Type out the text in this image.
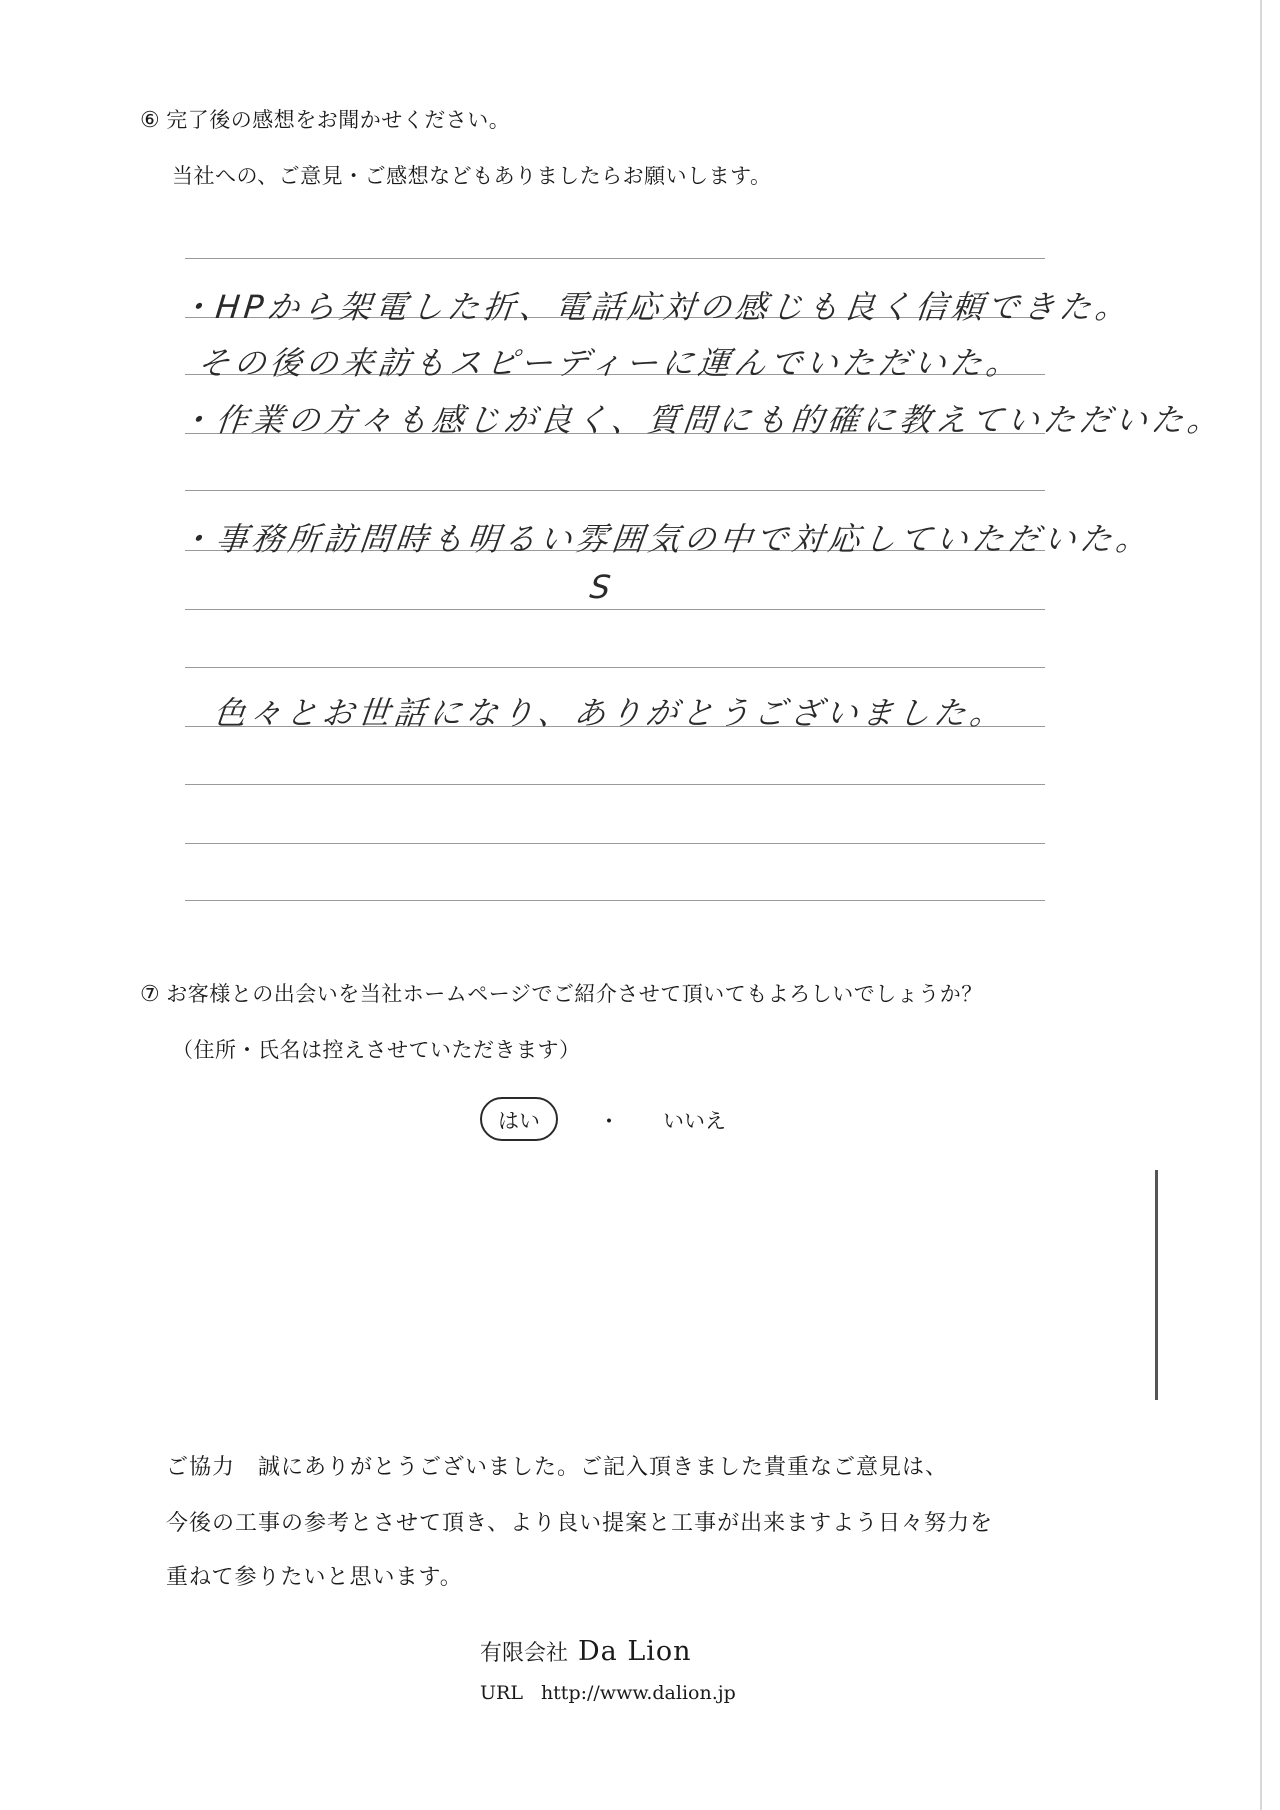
⑥ 完了後の感想をお聞かせください。
当社への、ご意見・ご感想などもありましたらお願いします。
・HPから架電した折、電話応対の感じも良く信頼できた。
その後の来訪もスピーディーに運んでいただいた。
・作業の方々も感じが良く、質問にも的確に教えていただいた。
・事務所訪問時も明るい雰囲気の中で対応していただいた。
S
色々とお世話になり、ありがとうございました。
⑦ お客様との出会いを当社ホームページでご紹介させて頂いてもよろしいでしょうか？
（住所・氏名は控えさせていただきます）
はい	・ いいえ
ご協力　誠にありがとうございました。ご記入頂きました貴重なご意見は、
今後の工事の参考とさせて頂き、より良い提案と工事が出来ますよう日々努力を
重ねて参りたいと思います。
有限会社 Da Lion
URL http://www.dalion.jp
